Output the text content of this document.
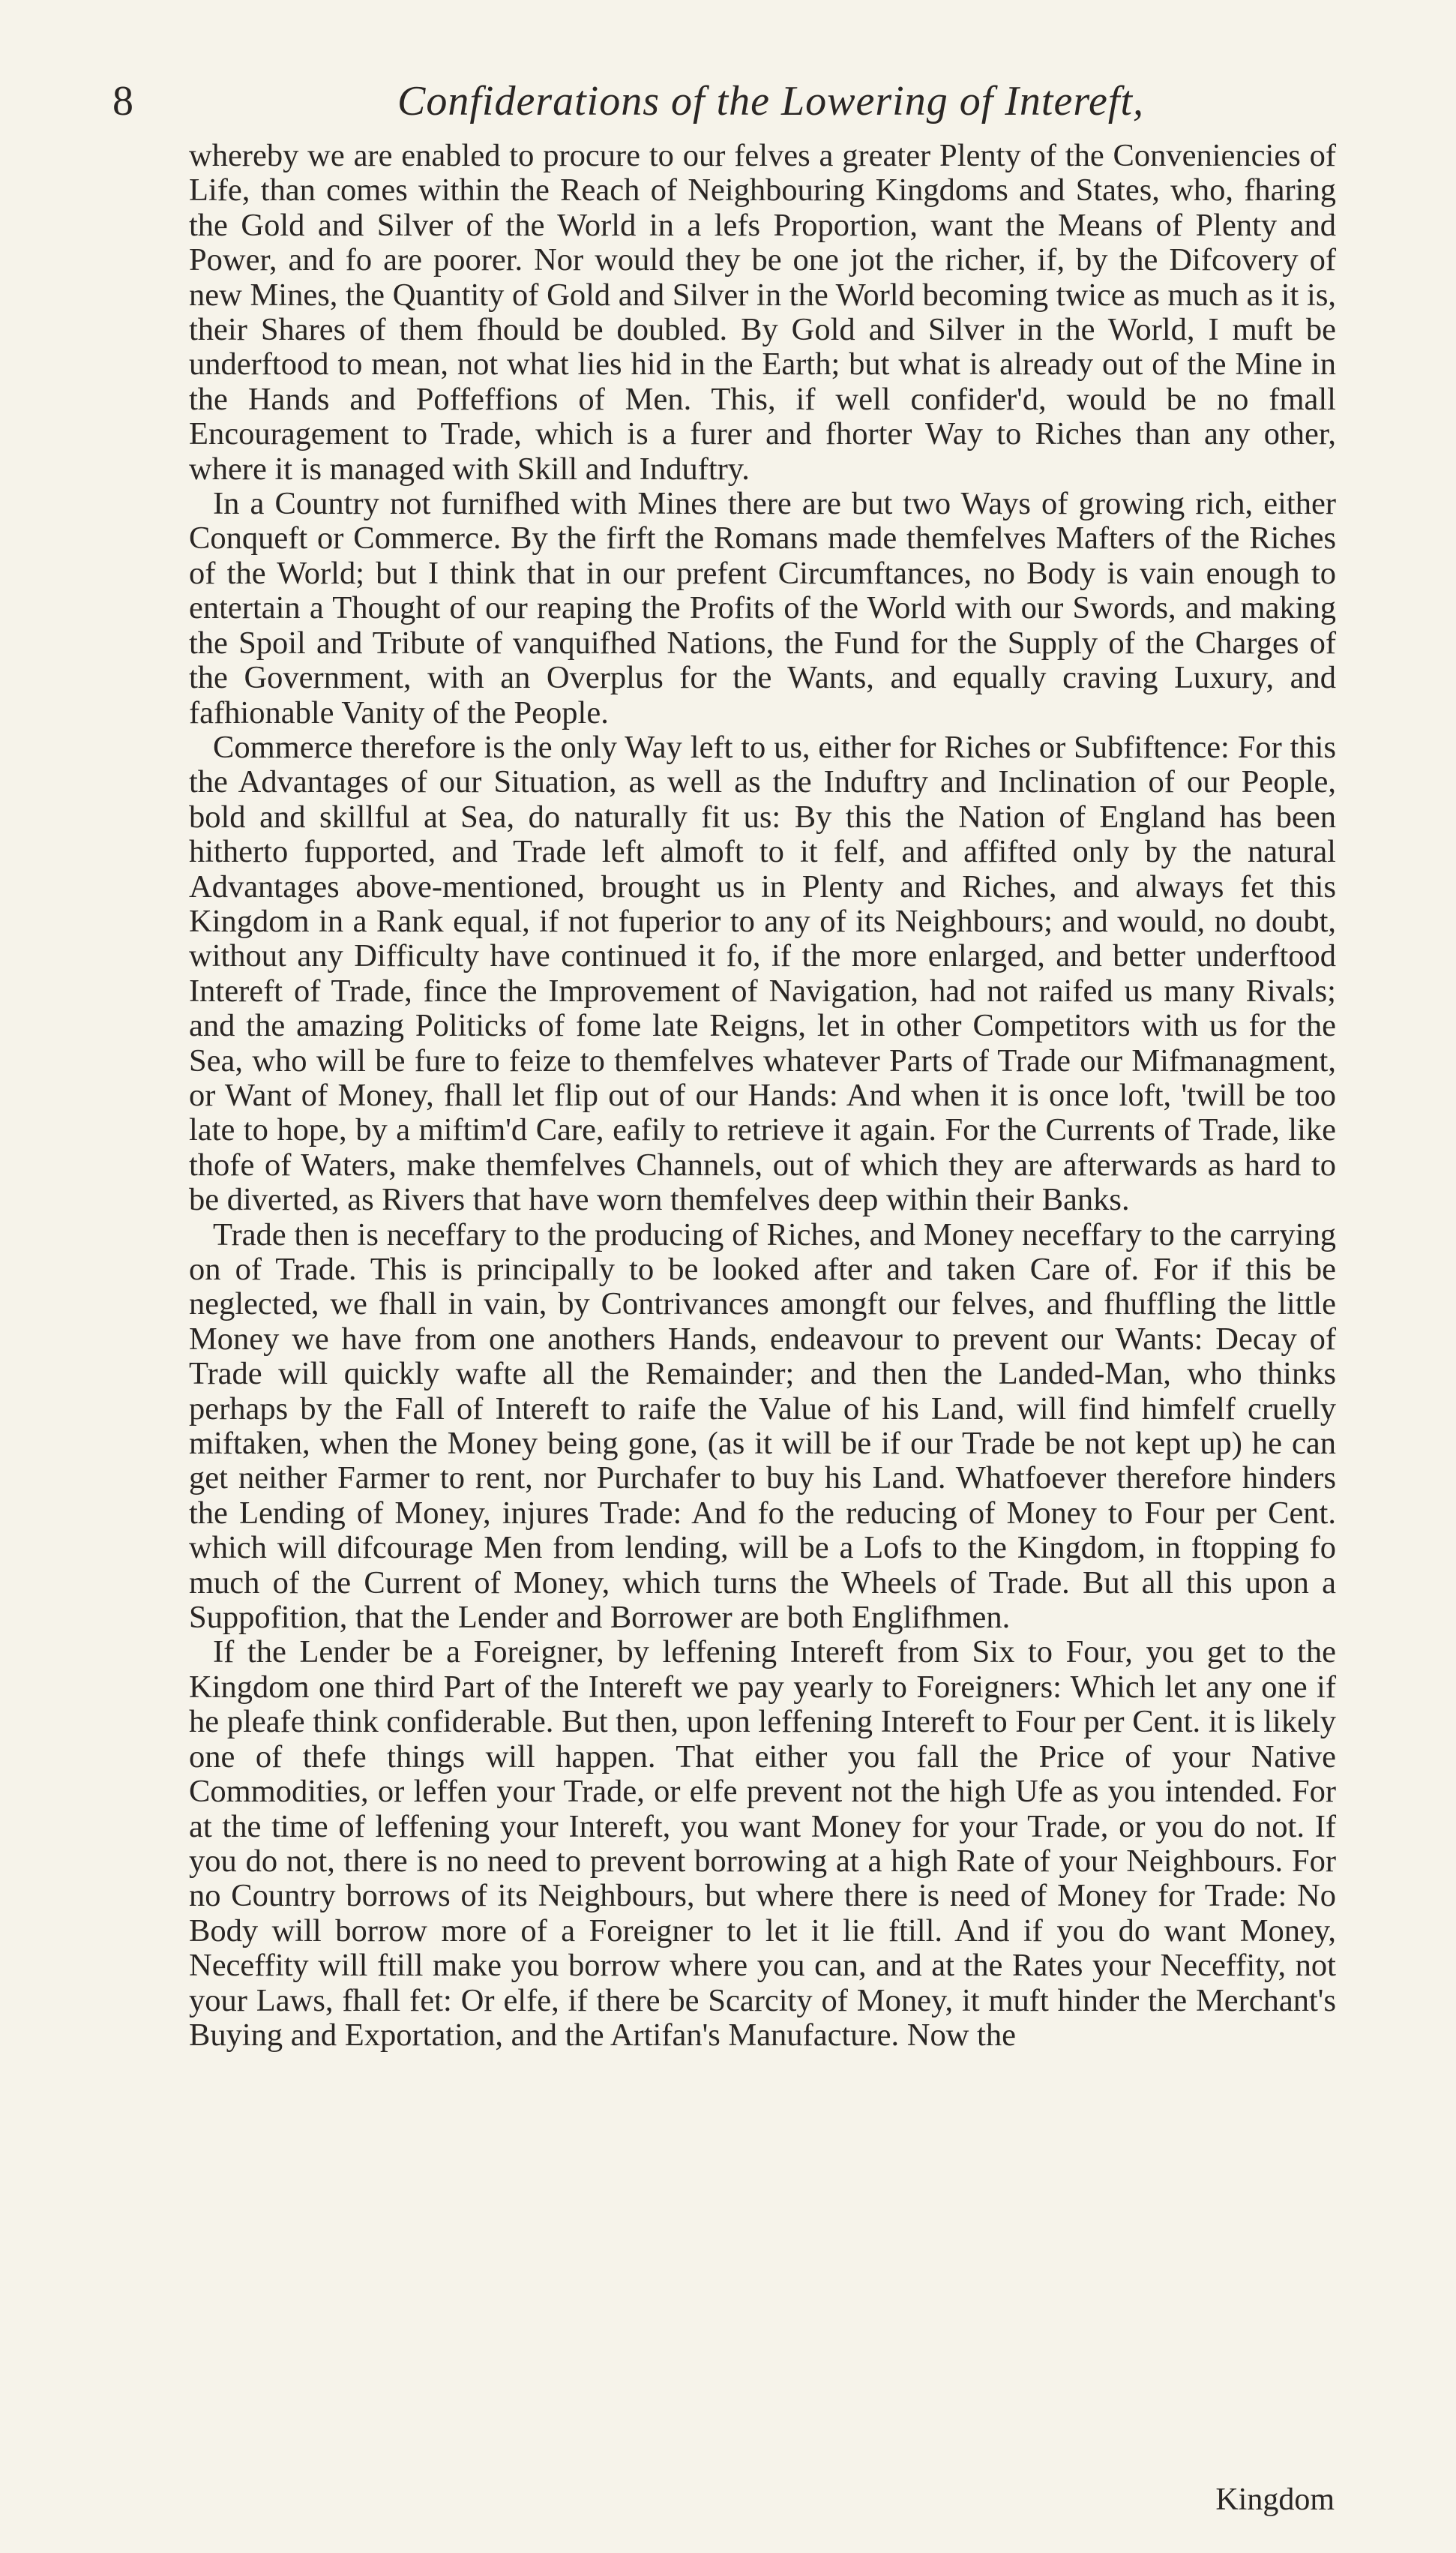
8	Confiderations of the Lowering of Intereft,

whereby we are enabled to procure to our felves a greater Plenty of the Conveniencies of Life, than comes within the Reach of Neighbouring Kingdoms and States, who, fharing the Gold and Silver of the World in a lefs Proportion, want the Means of Plenty and Power, and fo are poorer. Nor would they be one jot the richer, if, by the Difcovery of new Mines, the Quantity of Gold and Silver in the World becoming twice as much as it is, their Shares of them fhould be doubled. By Gold and Silver in the World, I muft be underftood to mean, not what lies hid in the Earth; but what is already out of the Mine in the Hands and Poffeffions of Men. This, if well confider'd, would be no fmall Encouragement to Trade, which is a furer and fhorter Way to Riches than any other, where it is managed with Skill and Induftry.

In a Country not furnifhed with Mines there are but two Ways of growing rich, either Conqueft or Commerce. By the firft the Romans made themfelves Mafters of the Riches of the World; but I think that in our prefent Circumftances, no Body is vain enough to entertain a Thought of our reaping the Profits of the World with our Swords, and making the Spoil and Tribute of vanquifhed Nations, the Fund for the Supply of the Charges of the Government, with an Overplus for the Wants, and equally craving Luxury, and fafhionable Vanity of the People.

Commerce therefore is the only Way left to us, either for Riches or Subfiftence: For this the Advantages of our Situation, as well as the Induftry and Inclination of our People, bold and skillful at Sea, do naturally fit us: By this the Nation of England has been hitherto fupported, and Trade left almoft to it felf, and affifted only by the natural Advantages above-mentioned, brought us in Plenty and Riches, and always fet this Kingdom in a Rank equal, if not fuperior to any of its Neighbours; and would, no doubt, without any Difficulty have continued it fo, if the more enlarged, and better underftood Intereft of Trade, fince the Improvement of Navigation, had not raifed us many Rivals; and the amazing Politicks of fome late Reigns, let in other Competitors with us for the Sea, who will be fure to feize to themfelves whatever Parts of Trade our Mifmanagment, or Want of Money, fhall let flip out of our Hands: And when it is once loft, 'twill be too late to hope, by a miftim'd Care, eafily to retrieve it again. For the Currents of Trade, like thofe of Waters, make themfelves Channels, out of which they are afterwards as hard to be diverted, as Rivers that have worn themfelves deep within their Banks.

Trade then is neceffary to the producing of Riches, and Money neceffary to the carrying on of Trade. This is principally to be looked after and taken Care of. For if this be neglected, we fhall in vain, by Contrivances amongft our felves, and fhuffling the little Money we have from one anothers Hands, endeavour to prevent our Wants: Decay of Trade will quickly wafte all the Remainder; and then the Landed-Man, who thinks perhaps by the Fall of Intereft to raife the Value of his Land, will find himfelf cruelly miftaken, when the Money being gone, (as it will be if our Trade be not kept up) he can get neither Farmer to rent, nor Purchafer to buy his Land. Whatfoever therefore hinders the Lending of Money, injures Trade: And fo the reducing of Money to Four per Cent. which will difcourage Men from lending, will be a Lofs to the Kingdom, in ftopping fo much of the Current of Money, which turns the Wheels of Trade. But all this upon a Suppofition, that the Lender and Borrower are both Englifhmen.

If the Lender be a Foreigner, by leffening Intereft from Six to Four, you get to the Kingdom one third Part of the Intereft we pay yearly to Foreigners: Which let any one if he pleafe think confiderable. But then, upon leffening Intereft to Four per Cent. it is likely one of thefe things will happen. That either you fall the Price of your Native Commodities, or leffen your Trade, or elfe prevent not the high Ufe as you intended. For at the time of leffening your Intereft, you want Money for your Trade, or you do not. If you do not, there is no need to prevent borrowing at a high Rate of your Neighbours. For no Country borrows of its Neighbours, but where there is need of Money for Trade: No Body will borrow more of a Foreigner to let it lie ftill. And if you do want Money, Neceffity will ftill make you borrow where you can, and at the Rates your Neceffity, not your Laws, fhall fet: Or elfe, if there be Scarcity of Money, it muft hinder the Merchant's Buying and Exportation, and the Artifan's Manufacture. Now the

Kingdom
